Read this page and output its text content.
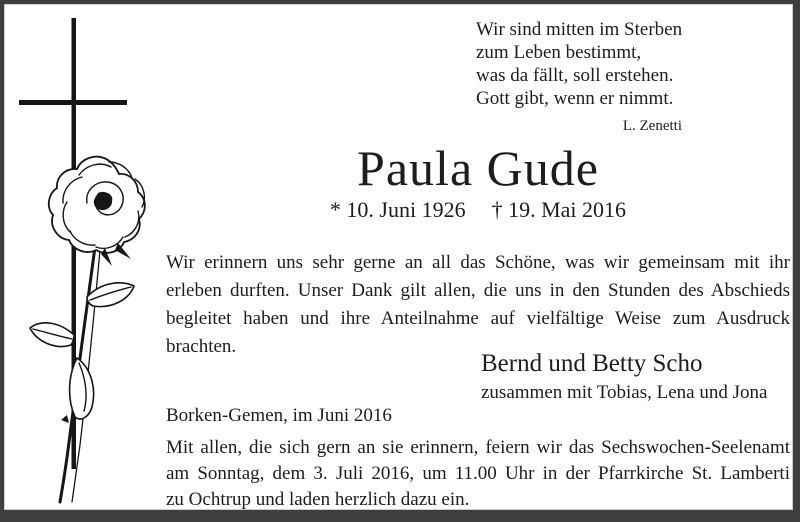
Wir sind mitten im Sterben
zum Leben bestimmt,
was da fällt, soll erstehen.
Gott gibt, wenn er nimmt.
L. Zenetti
Paula Gude
* 10. Juni 1926 † 19. Mai 2016
Wir erinnern uns sehr gerne an all das Schöne, was wir gemeinsam mit ihr
erleben durften. Unser Dank gilt allen, die uns in den Stunden des Abschieds
begleitet haben und ihre Anteilnahme auf vielfältige Weise zum Ausdruck
brachten.
Bernd und Betty Scho
zusammen mit Tobias, Lena und Jona
Borken-Gemen, im Juni 2016
Mit allen, die sich gern an sie erinnern, feiern wir das Sechswochen-Seelenamt
am Sonntag, dem 3. Juli 2016, um 11.00 Uhr in der Pfarrkirche St. Lamberti
zu Ochtrup und laden herzlich dazu ein.
